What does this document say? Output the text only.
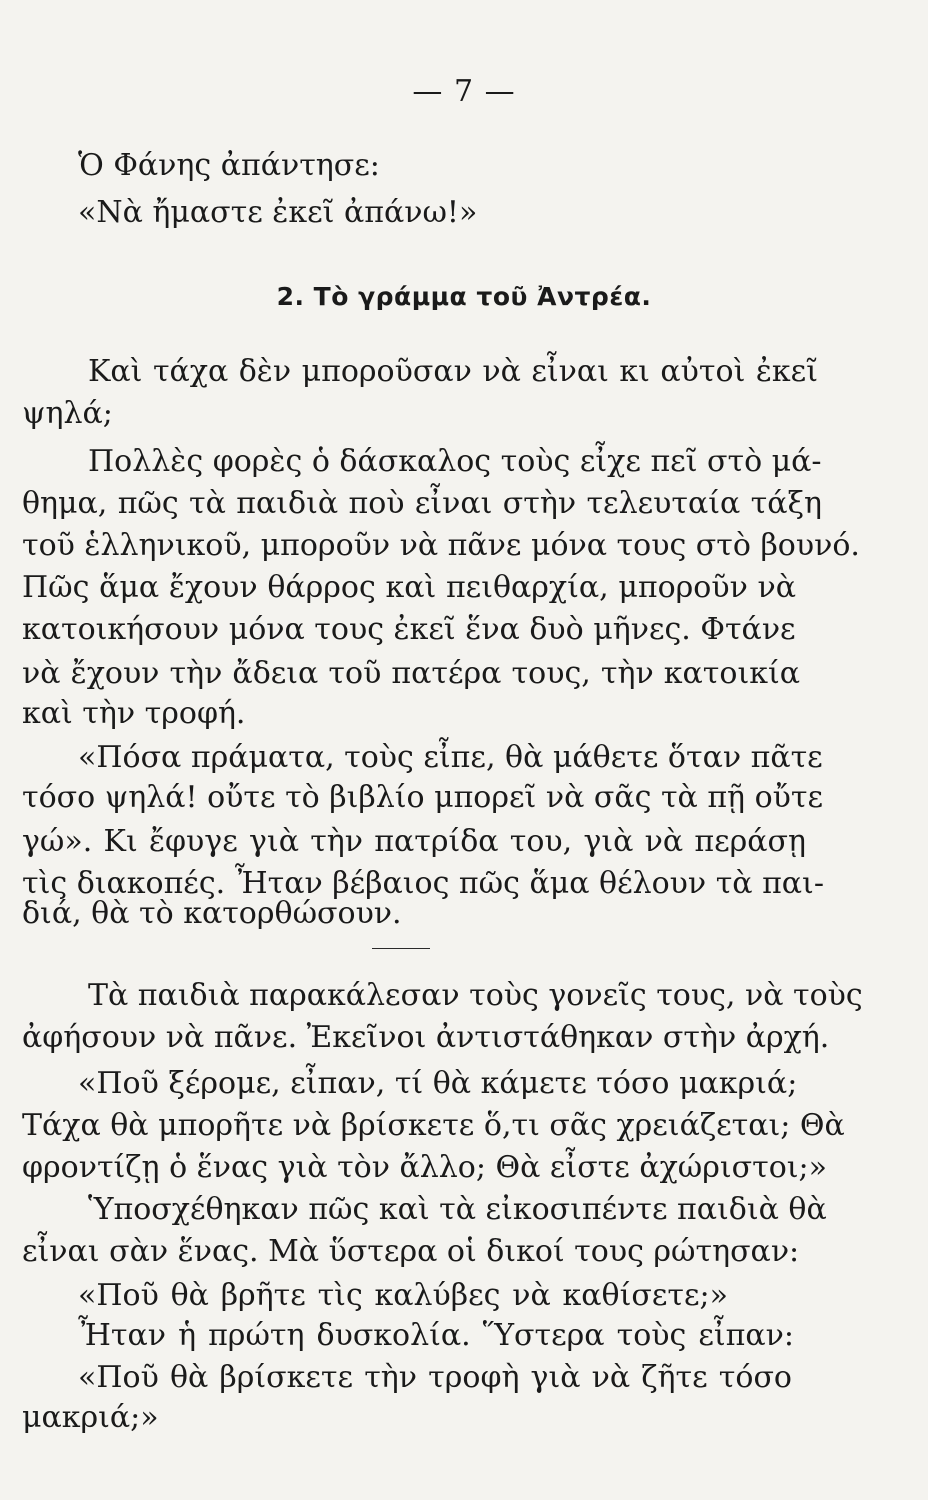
— 7 —
Ὁ Φάνης ἀπάντησε:
«Νὰ ἤμαστε ἐκεῖ ἀπάνω!»
2. Τὸ γράμμα τοῦ Ἀντρέα.
Καὶ τάχα δὲν μποροῦσαν νὰ εἶναι κι αὐτοὶ ἐκεῖ
ψηλά;
Πολλὲς φορὲς ὁ δάσκαλος τοὺς εἶχε πεῖ στὸ μά-
θημα, πῶς τὰ παιδιὰ ποὺ εἶναι στὴν τελευταία τάξη
τοῦ ἑλληνικοῦ, μποροῦν νὰ πᾶνε μόνα τους στὸ βουνό.
Πῶς ἅμα ἔχουν θάρρος καὶ πειθαρχία, μποροῦν νὰ
κατοικήσουν μόνα τους ἐκεῖ ἕνα δυὸ μῆνες. Φτάνε
νὰ ἔχουν τὴν ἄδεια τοῦ πατέρα τους, τὴν κατοικία
καὶ τὴν τροφή.
«Πόσα πράματα, τοὺς εἶπε, θὰ μάθετε ὅταν πᾶτε
τόσο ψηλά! οὔτε τὸ βιβλίο μπορεῖ νὰ σᾶς τὰ πῇ οὔτε
γώ». Κι ἔφυγε γιὰ τὴν πατρίδα του, γιὰ νὰ περάσῃ
τὶς διακοπές. Ἦταν βέβαιος πῶς ἅμα θέλουν τὰ παι-
διά, θὰ τὸ κατορθώσουν.
Τὰ παιδιὰ παρακάλεσαν τοὺς γονεῖς τους, νὰ τοὺς
ἀφήσουν νὰ πᾶνε. Ἐκεῖνοι ἀντιστάθηκαν στὴν ἀρχή.
«Ποῦ ξέρομε, εἶπαν, τί θὰ κάμετε τόσο μακριά;
Τάχα θὰ μπορῆτε νὰ βρίσκετε ὅ,τι σᾶς χρειάζεται; Θὰ
φροντίζῃ ὁ ἕνας γιὰ τὸν ἄλλο; Θὰ εἶστε ἀχώριστοι;»
Ὑποσχέθηκαν πῶς καὶ τὰ εἰκοσιπέντε παιδιὰ θὰ
εἶναι σὰν ἕνας. Μὰ ὕστερα οἱ δικοί τους ρώτησαν:
«Ποῦ θὰ βρῆτε τὶς καλύβες νὰ καθίσετε;»
Ἦταν ἡ πρώτη δυσκολία. Ὕστερα τοὺς εἶπαν:
«Ποῦ θὰ βρίσκετε τὴν τροφὴ γιὰ νὰ ζῆτε τόσο
μακριά;»
